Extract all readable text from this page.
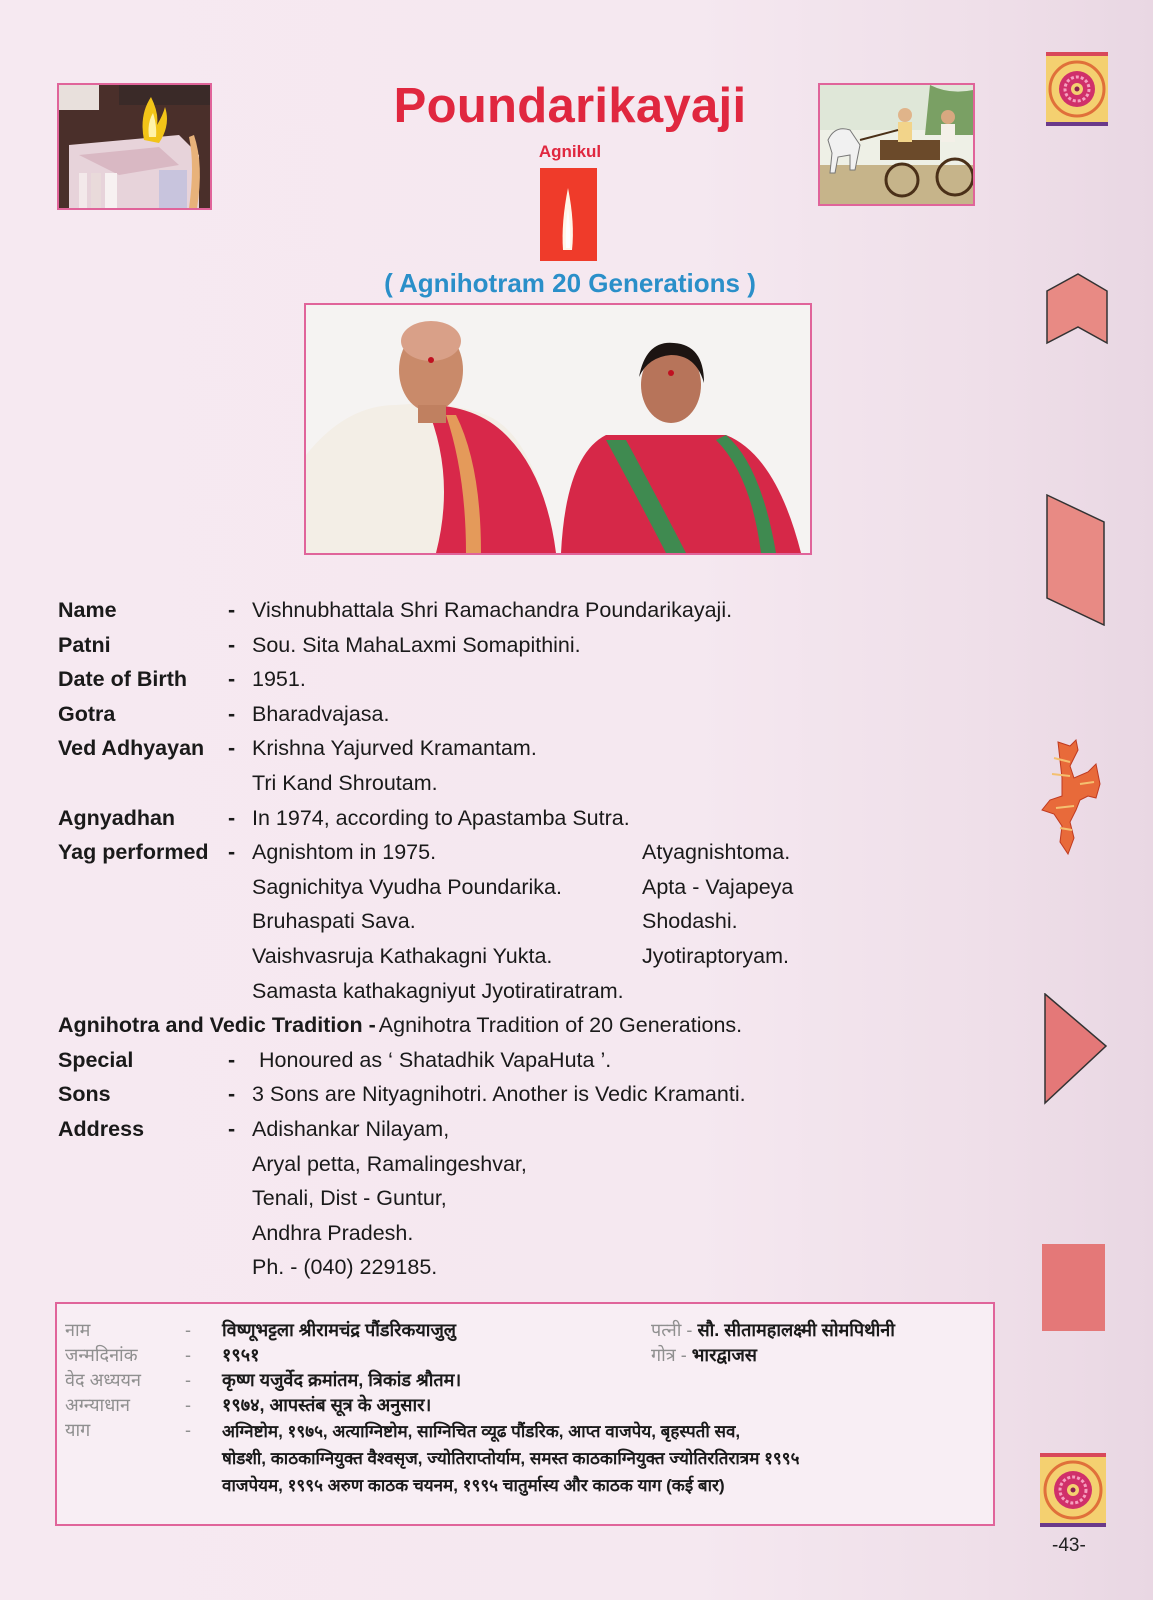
Poundarikayaji
Agnikul
( Agnihotram 20 Generations )
Name	- Vishnubhattala Shri Ramachandra Poundarikayaji.
Patni	- Sou. Sita MahaLaxmi Somapithini.
Date of Birth	- 1951.
Gotra	- Bharadvajasa.
Ved Adhyayan	- Krishna Yajurved Kramantam.
Tri Kand Shroutam.
Agnyadhan	- In 1974, according to Apastamba Sutra.
Yag performed - Agnishtom in 1975.	Atyagnishtoma.
Sagnichitya Vyudha Poundarika.	Apta - Vajapeya
Bruhaspati Sava.	Shodashi.
Vaishvasruja Kathakagni Yukta.	Jyotiraptoryam.
Samasta kathakagniyut Jyotiratiratram.
Agnihotra and Vedic Tradition - Agnihotra Tradition of 20 Generations.
Special	-	Honoured as ‘ Shatadhik VapaHuta ’.
Sons	- 3 Sons are Nityagnihotri. Another is Vedic Kramanti.
Address	- Adishankar Nilayam,
Aryal petta, Ramalingeshvar,
Tenali, Dist - Guntur,
Andhra Pradesh.
Ph. - (040) 229185.
नाम	- विष्णूभट्टला श्रीरामचंद्र पौंडरिकयाजुलु
जन्मदिनांक	- १९५१
वेद अध्ययन - कृष्ण यजुर्वेद क्रमांतम, त्रिकांड श्रौतम।
अग्न्याधान	- १९७४, आपस्तंब सूत्र के अनुसार।
याग	- अग्निष्टोम, १९७५, अत्याग्निष्टोम, साग्निचित व्यूढ पौंडरिक, आप्त वाजपेय, बृहस्पती सव,
षोडशी, काठकाग्नियुक्त वैश्वसृज, ज्योतिराप्तोर्याम, समस्त काठकाग्नियुक्त ज्योतिरतिरात्रम १९९५
वाजपेयम, १९९५ अरुण काठक चयनम, १९९५ चातुर्मास्य और काठक याग (कई बार)
पत्नी - सौ. सीतामहालक्ष्मी सोमपिथीनी
गोत्र - भारद्वाजस
-43-
